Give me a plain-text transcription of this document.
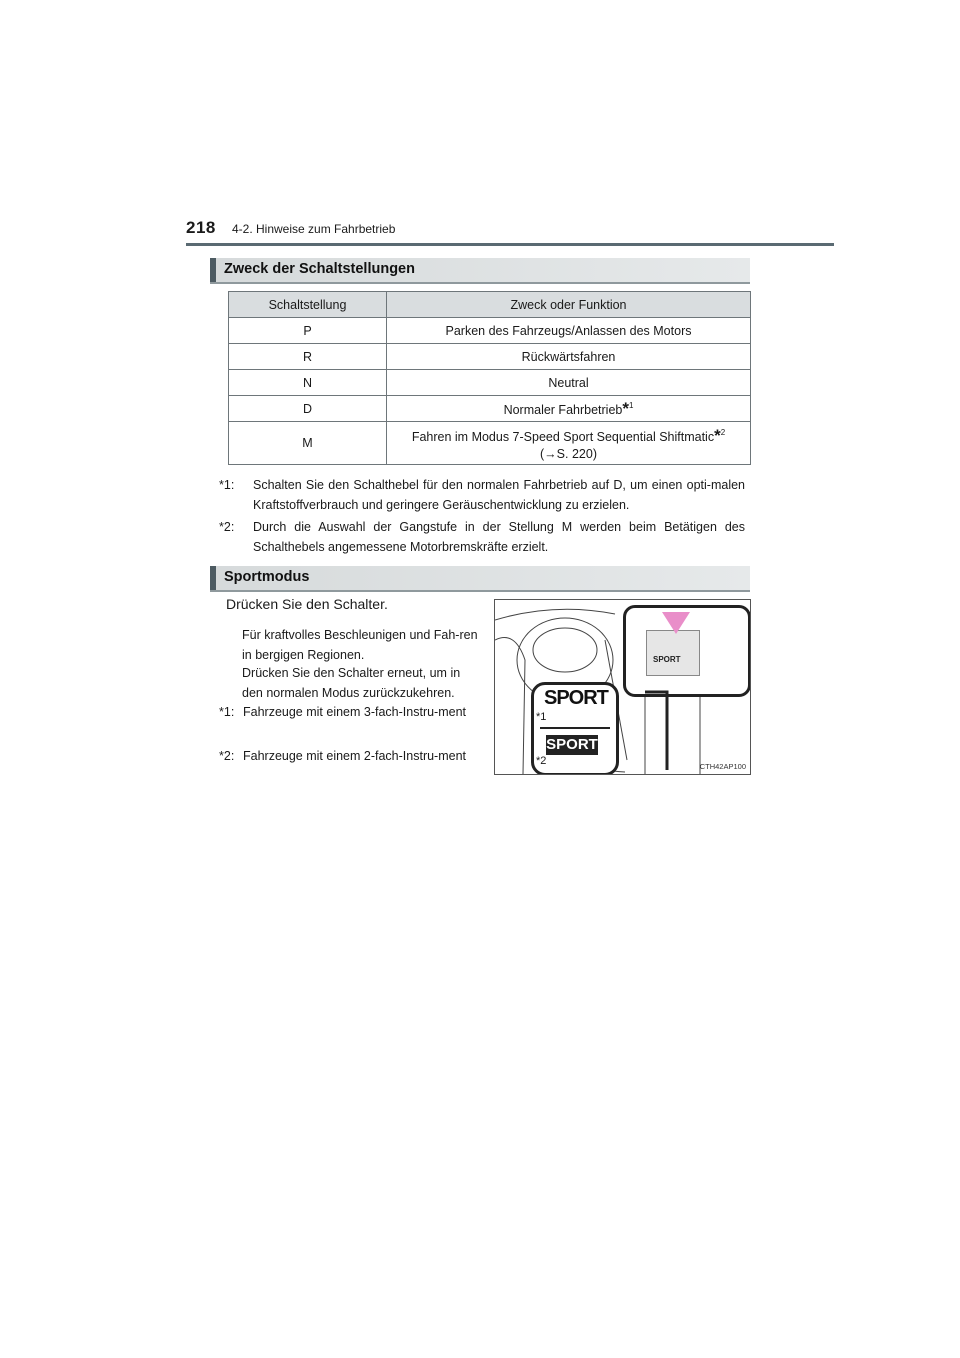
218 4-2. Hinweise zum Fahrbetrieb
Zweck der Schaltstellungen
Schaltstellung	Zweck oder Funktion
P	Parken des Fahrzeugs/Anlassen des Motors
R	Rückwärtsfahren
N	Neutral
D	Normaler Fahrbetrieb*$^1$
M	Fahren im Modus 7-Speed Sport Sequential Shiftmatic*$^2$
(→S. 220)
*1: Schalten Sie den Schalthebel für den normalen Fahrbetrieb auf D, um einen opti-malen Kraftstoffverbrauch und geringere Geräuschentwicklung zu erzielen.
*2: Durch die Auswahl der Gangstufe in der Stellung M werden beim Betätigen des Schalthebels angemessene Motorbremskräfte erzielt.
Sportmodus
Drücken Sie den Schalter.
Für kraftvolles Beschleunigen und Fah-ren in bergigen Regionen.
Drücken Sie den Schalter erneut, um in den normalen Modus zurückzukehren.
*1: Fahrzeuge mit einem 3-fach-Instru-ment
*2: Fahrzeuge mit einem 2-fach-Instru-ment
SPORT
SPORT
*1
SPORT
*2	CTH42AP100
